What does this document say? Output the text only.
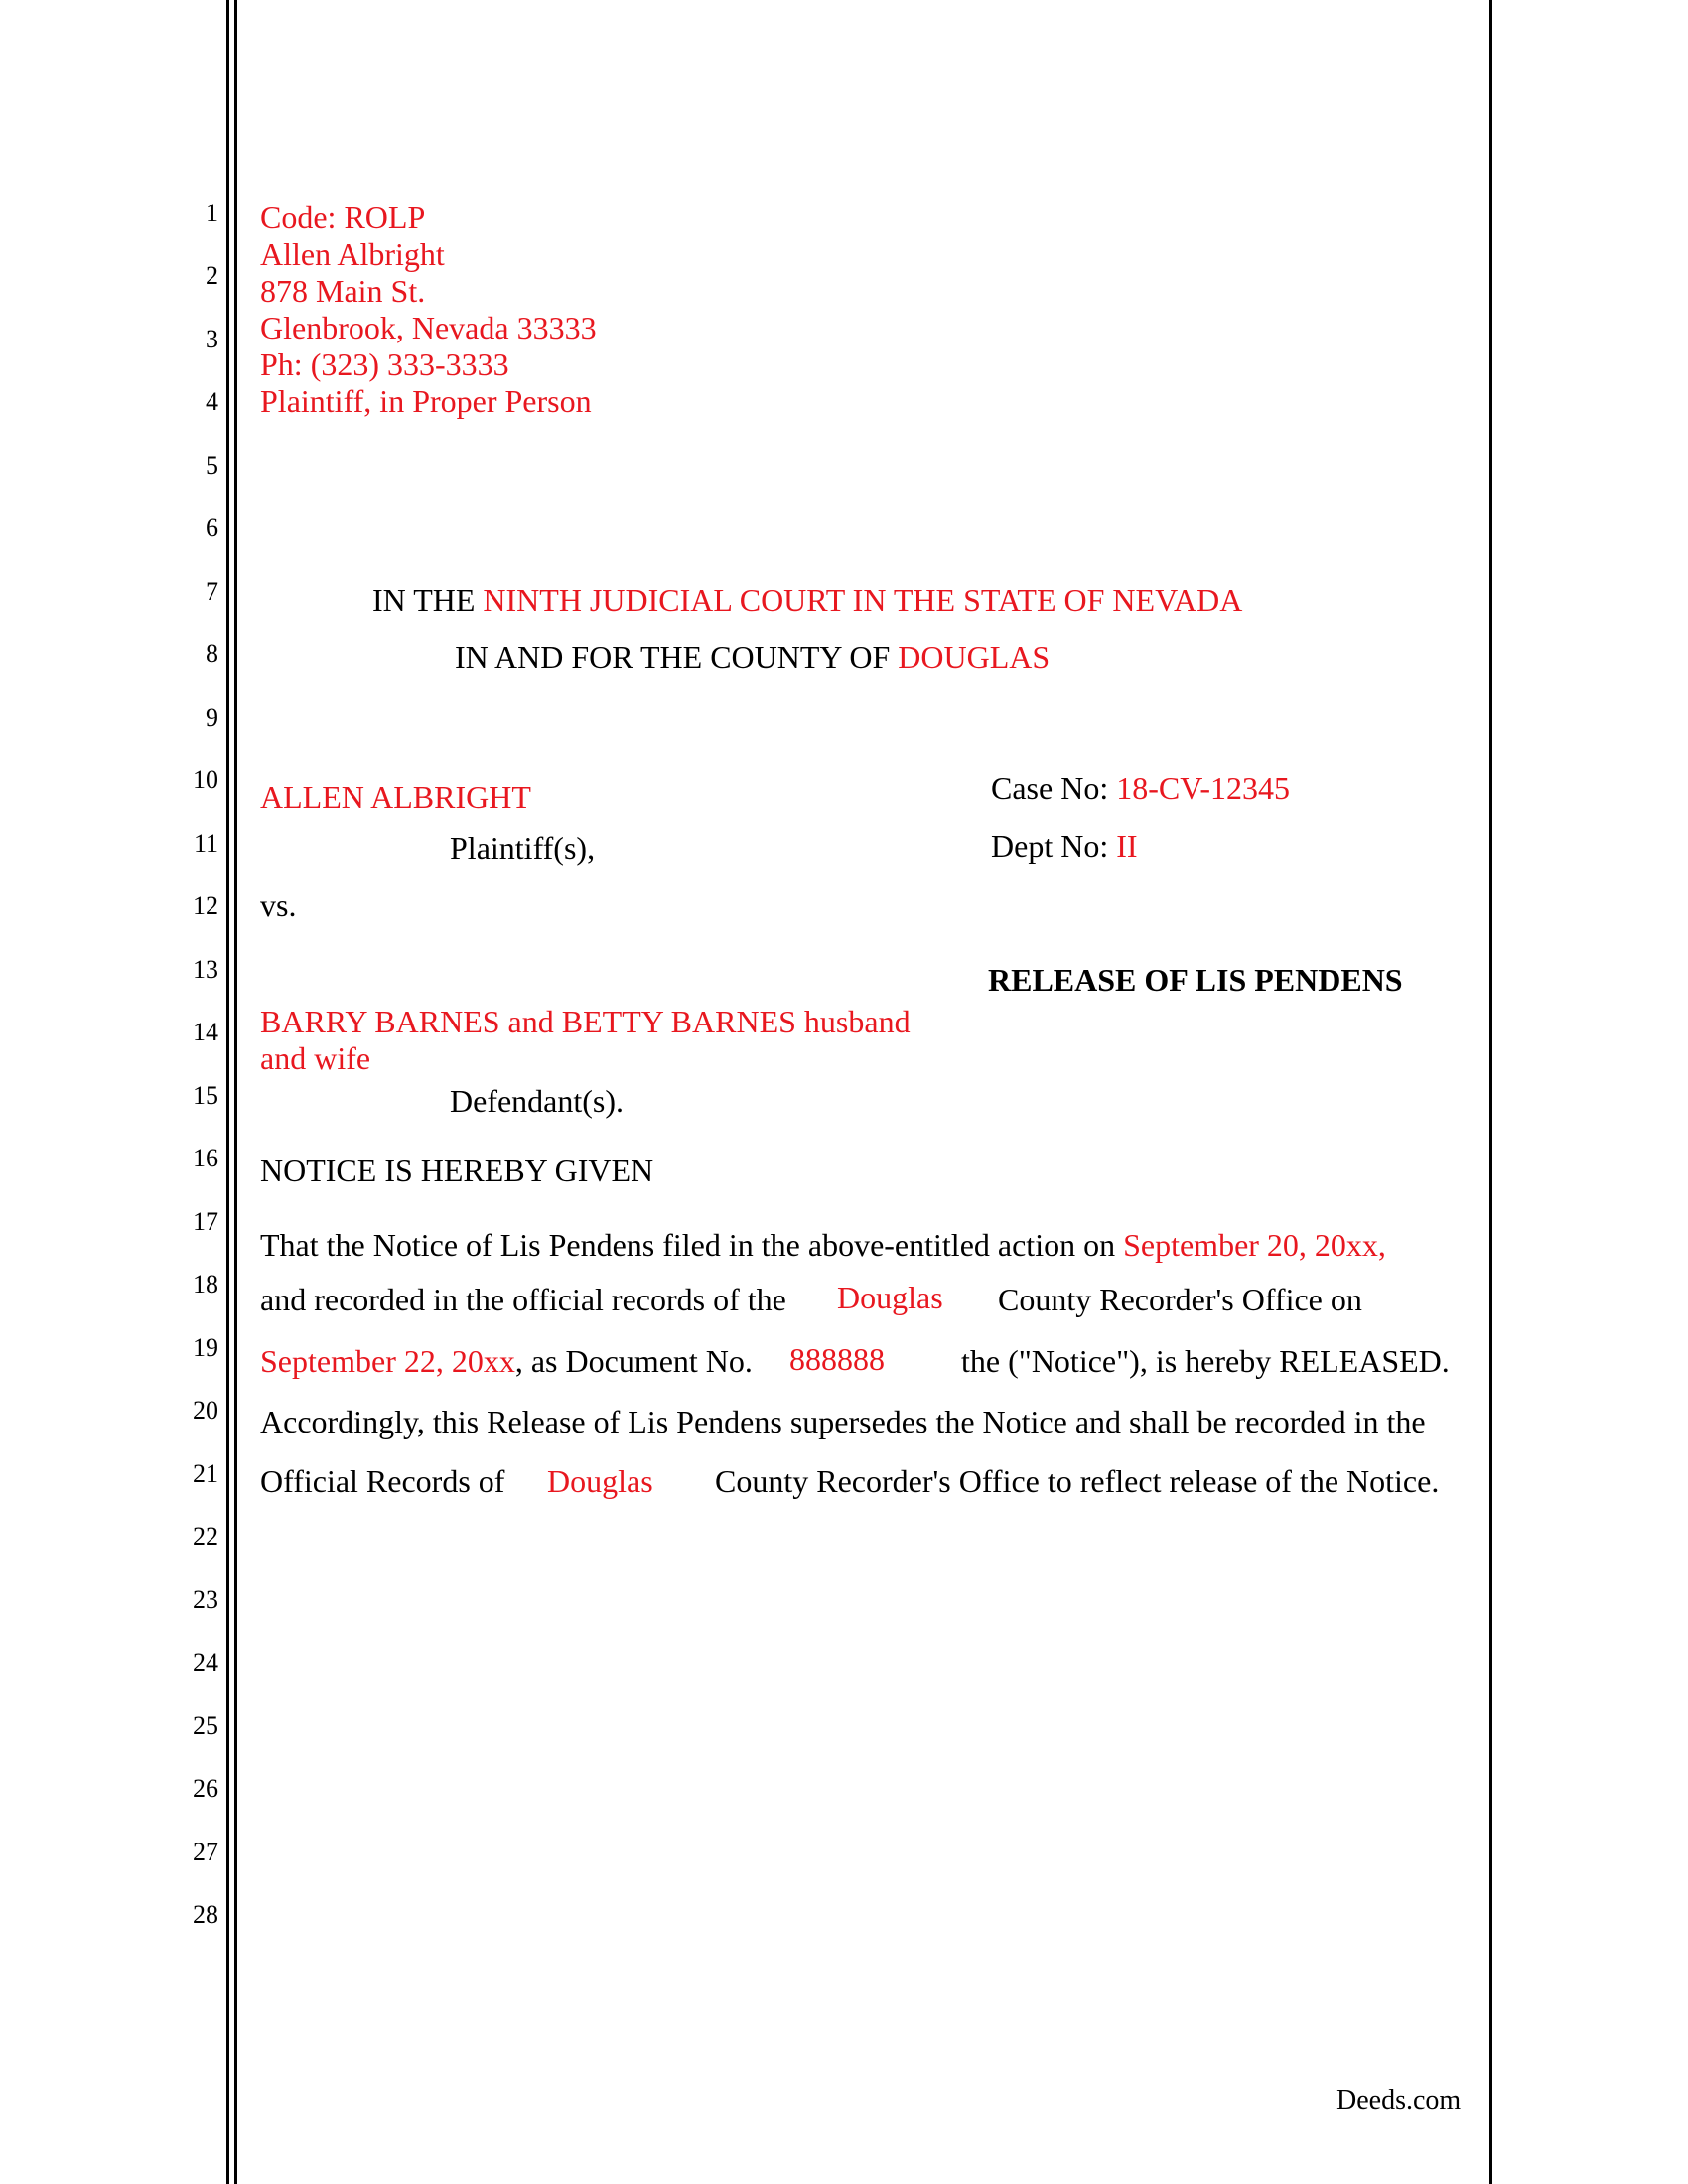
1
2
3
4
5
6
7
8
9
10
11
12
13
14
15
16
17
18
19
20
21
22
23
24
25
26
27
28
Code: ROLP
Allen Albright
878 Main St.
Glenbrook, Nevada 33333
Ph: (323) 333-3333
Plaintiff, in Proper Person
IN THE NINTH JUDICIAL COURT IN THE STATE OF NEVADA
IN AND FOR THE COUNTY OF DOUGLAS
ALLEN ALBRIGHT
Plaintiff(s),
vs.
BARRY BARNES and BETTY BARNES husband
and wife
Defendant(s).
Case No: 18-CV-12345
Dept No: II
RELEASE OF LIS PENDENS
NOTICE IS HEREBY GIVEN
That the Notice of Lis Pendens filed in the above-entitled action on September 20, 20xx,
and recorded in the official records of the Douglas County Recorder's Office on
September 22, 20xx, as Document No. 888888 the ("Notice"), is hereby RELEASED.
Accordingly, this Release of Lis Pendens supersedes the Notice and shall be recorded in the
Official Records of Douglas County Recorder's Office to reflect release of the Notice.
Deeds.com
